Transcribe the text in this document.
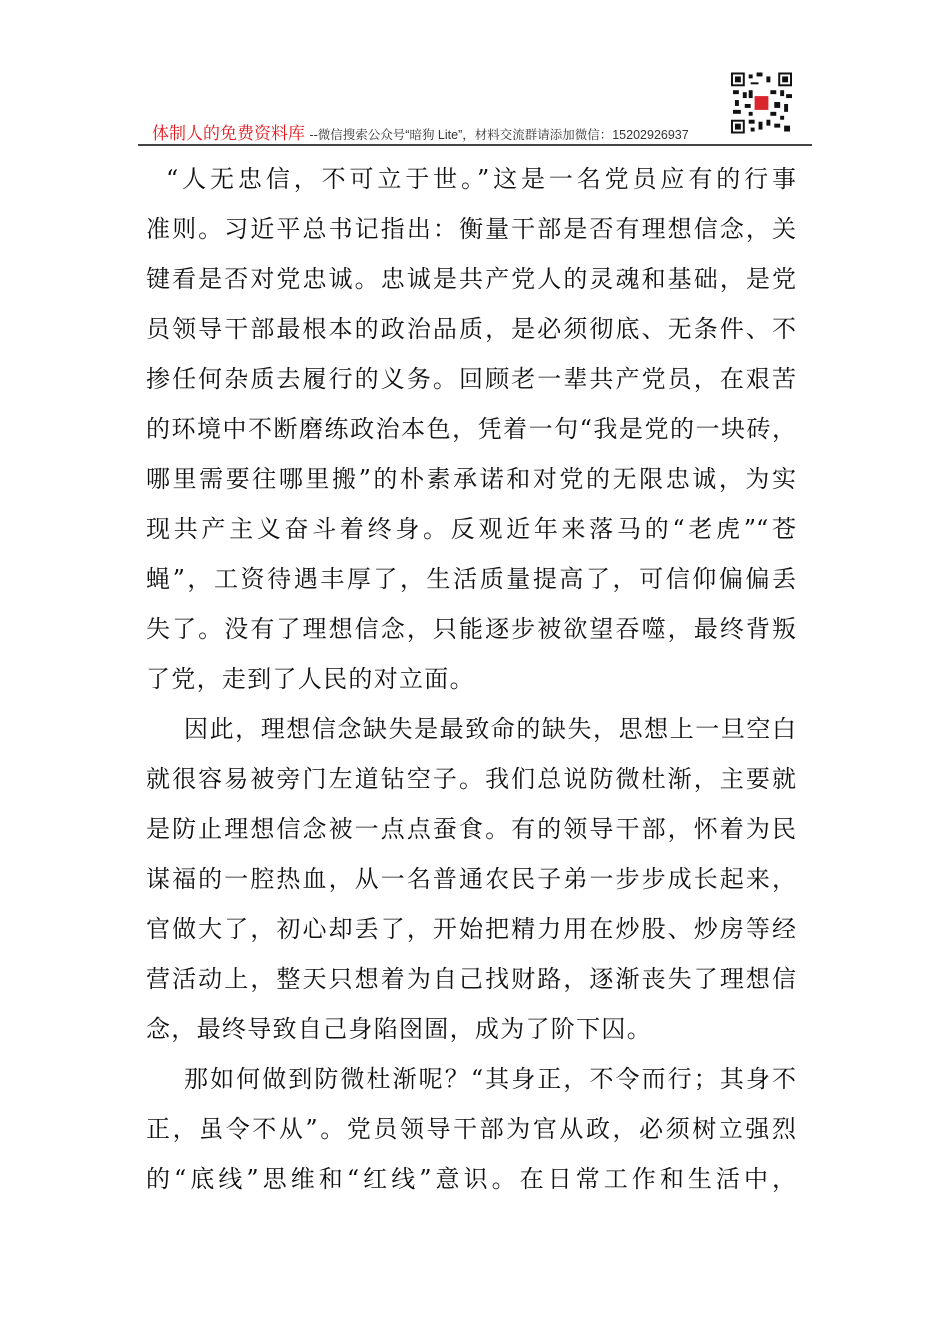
体制人的免费资料库 --微信搜索公众号“暗狗 Lite”，材料交流群请添加微信：15202926937
“人无忠信，不可立于世。”这是一名党员应有的行事
准则。习近平总书记指出：衡量干部是否有理想信念，关
键看是否对党忠诚。忠诚是共产党人的灵魂和基础，是党
员领导干部最根本的政治品质，是必须彻底、无条件、不
掺任何杂质去履行的义务。回顾老一辈共产党员，在艰苦
的环境中不断磨练政治本色，凭着一句“我是党的一块砖，
哪里需要往哪里搬”的朴素承诺和对党的无限忠诚，为实
现共产主义奋斗着终身。反观近年来落马的“老虎”“苍
蝇”，工资待遇丰厚了，生活质量提高了，可信仰偏偏丢
失了。没有了理想信念，只能逐步被欲望吞噬，最终背叛
了党，走到了人民的对立面。
因此，理想信念缺失是最致命的缺失，思想上一旦空白
就很容易被旁门左道钻空子。我们总说防微杜渐，主要就
是防止理想信念被一点点蚕食。有的领导干部，怀着为民
谋福的一腔热血，从一名普通农民子弟一步步成长起来，
官做大了，初心却丢了，开始把精力用在炒股、炒房等经
营活动上，整天只想着为自己找财路，逐渐丧失了理想信
念，最终导致自己身陷囹圄，成为了阶下囚。
那如何做到防微杜渐呢？“其身正，不令而行；其身不
正，虽令不从”。党员领导干部为官从政，必须树立强烈
的“底线”思维和“红线”意识。在日常工作和生活中，
